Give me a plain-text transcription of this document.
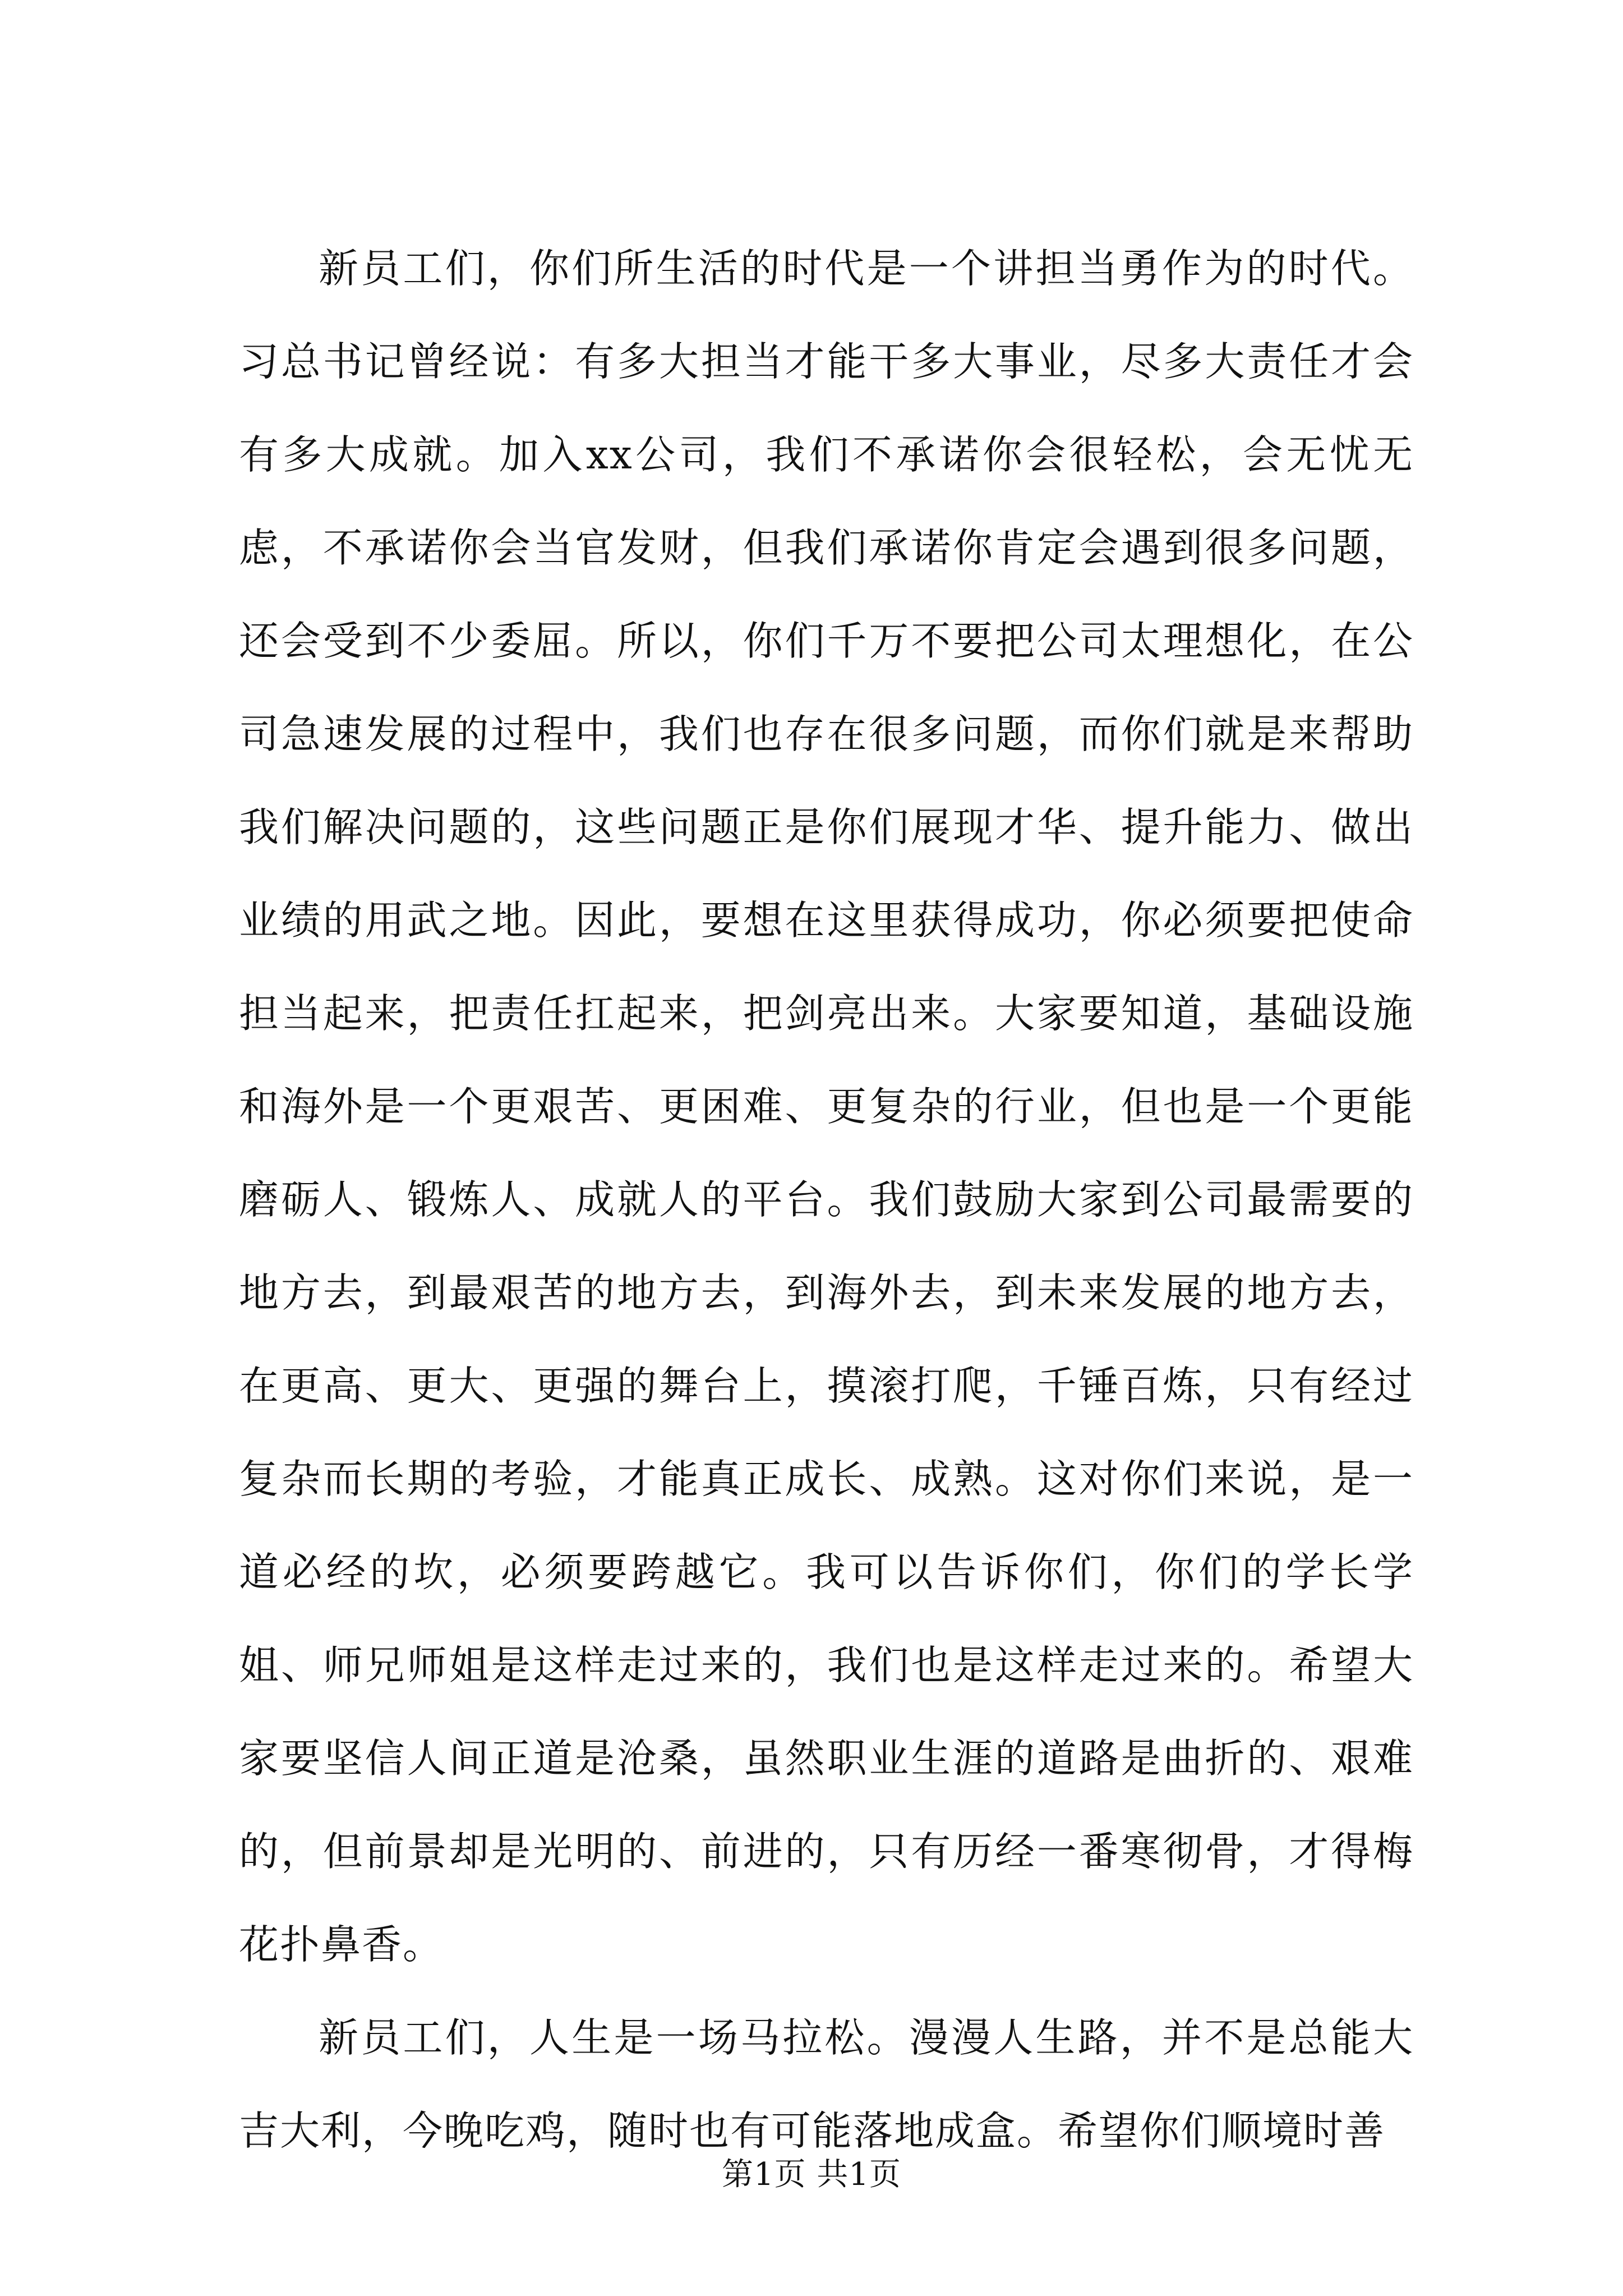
新员工们，你们所生活的时代是一个讲担当勇作为的时代。习总书记曾经说：有多大担当才能干多大事业，尽多大责任才会有多大成就。加入xx公司，我们不承诺你会很轻松，会无忧无虑，不承诺你会当官发财，但我们承诺你肯定会遇到很多问题，还会受到不少委屈。所以，你们千万不要把公司太理想化，在公司急速发展的过程中，我们也存在很多问题，而你们就是来帮助我们解决问题的，这些问题正是你们展现才华、提升能力、做出业绩的用武之地。因此，要想在这里获得成功，你必须要把使命担当起来，把责任扛起来，把剑亮出来。大家要知道，基础设施和海外是一个更艰苦、更困难、更复杂的行业，但也是一个更能磨砺人、锻炼人、成就人的平台。我们鼓励大家到公司最需要的地方去，到最艰苦的地方去，到海外去，到未来发展的地方去，在更高、更大、更强的舞台上，摸滚打爬，千锤百炼，只有经过复杂而长期的考验，才能真正成长、成熟。这对你们来说，是一道必经的坎，必须要跨越它。我可以告诉你们，你们的学长学姐、师兄师姐是这样走过来的，我们也是这样走过来的。希望大家要坚信人间正道是沧桑，虽然职业生涯的道路是曲折的、艰难的，但前景却是光明的、前进的，只有历经一番寒彻骨，才得梅花扑鼻香。

新员工们，人生是一场马拉松。漫漫人生路，并不是总能大吉大利，今晚吃鸡，随时也有可能落地成盒。希望你们顺境时善

第1页 共1页
